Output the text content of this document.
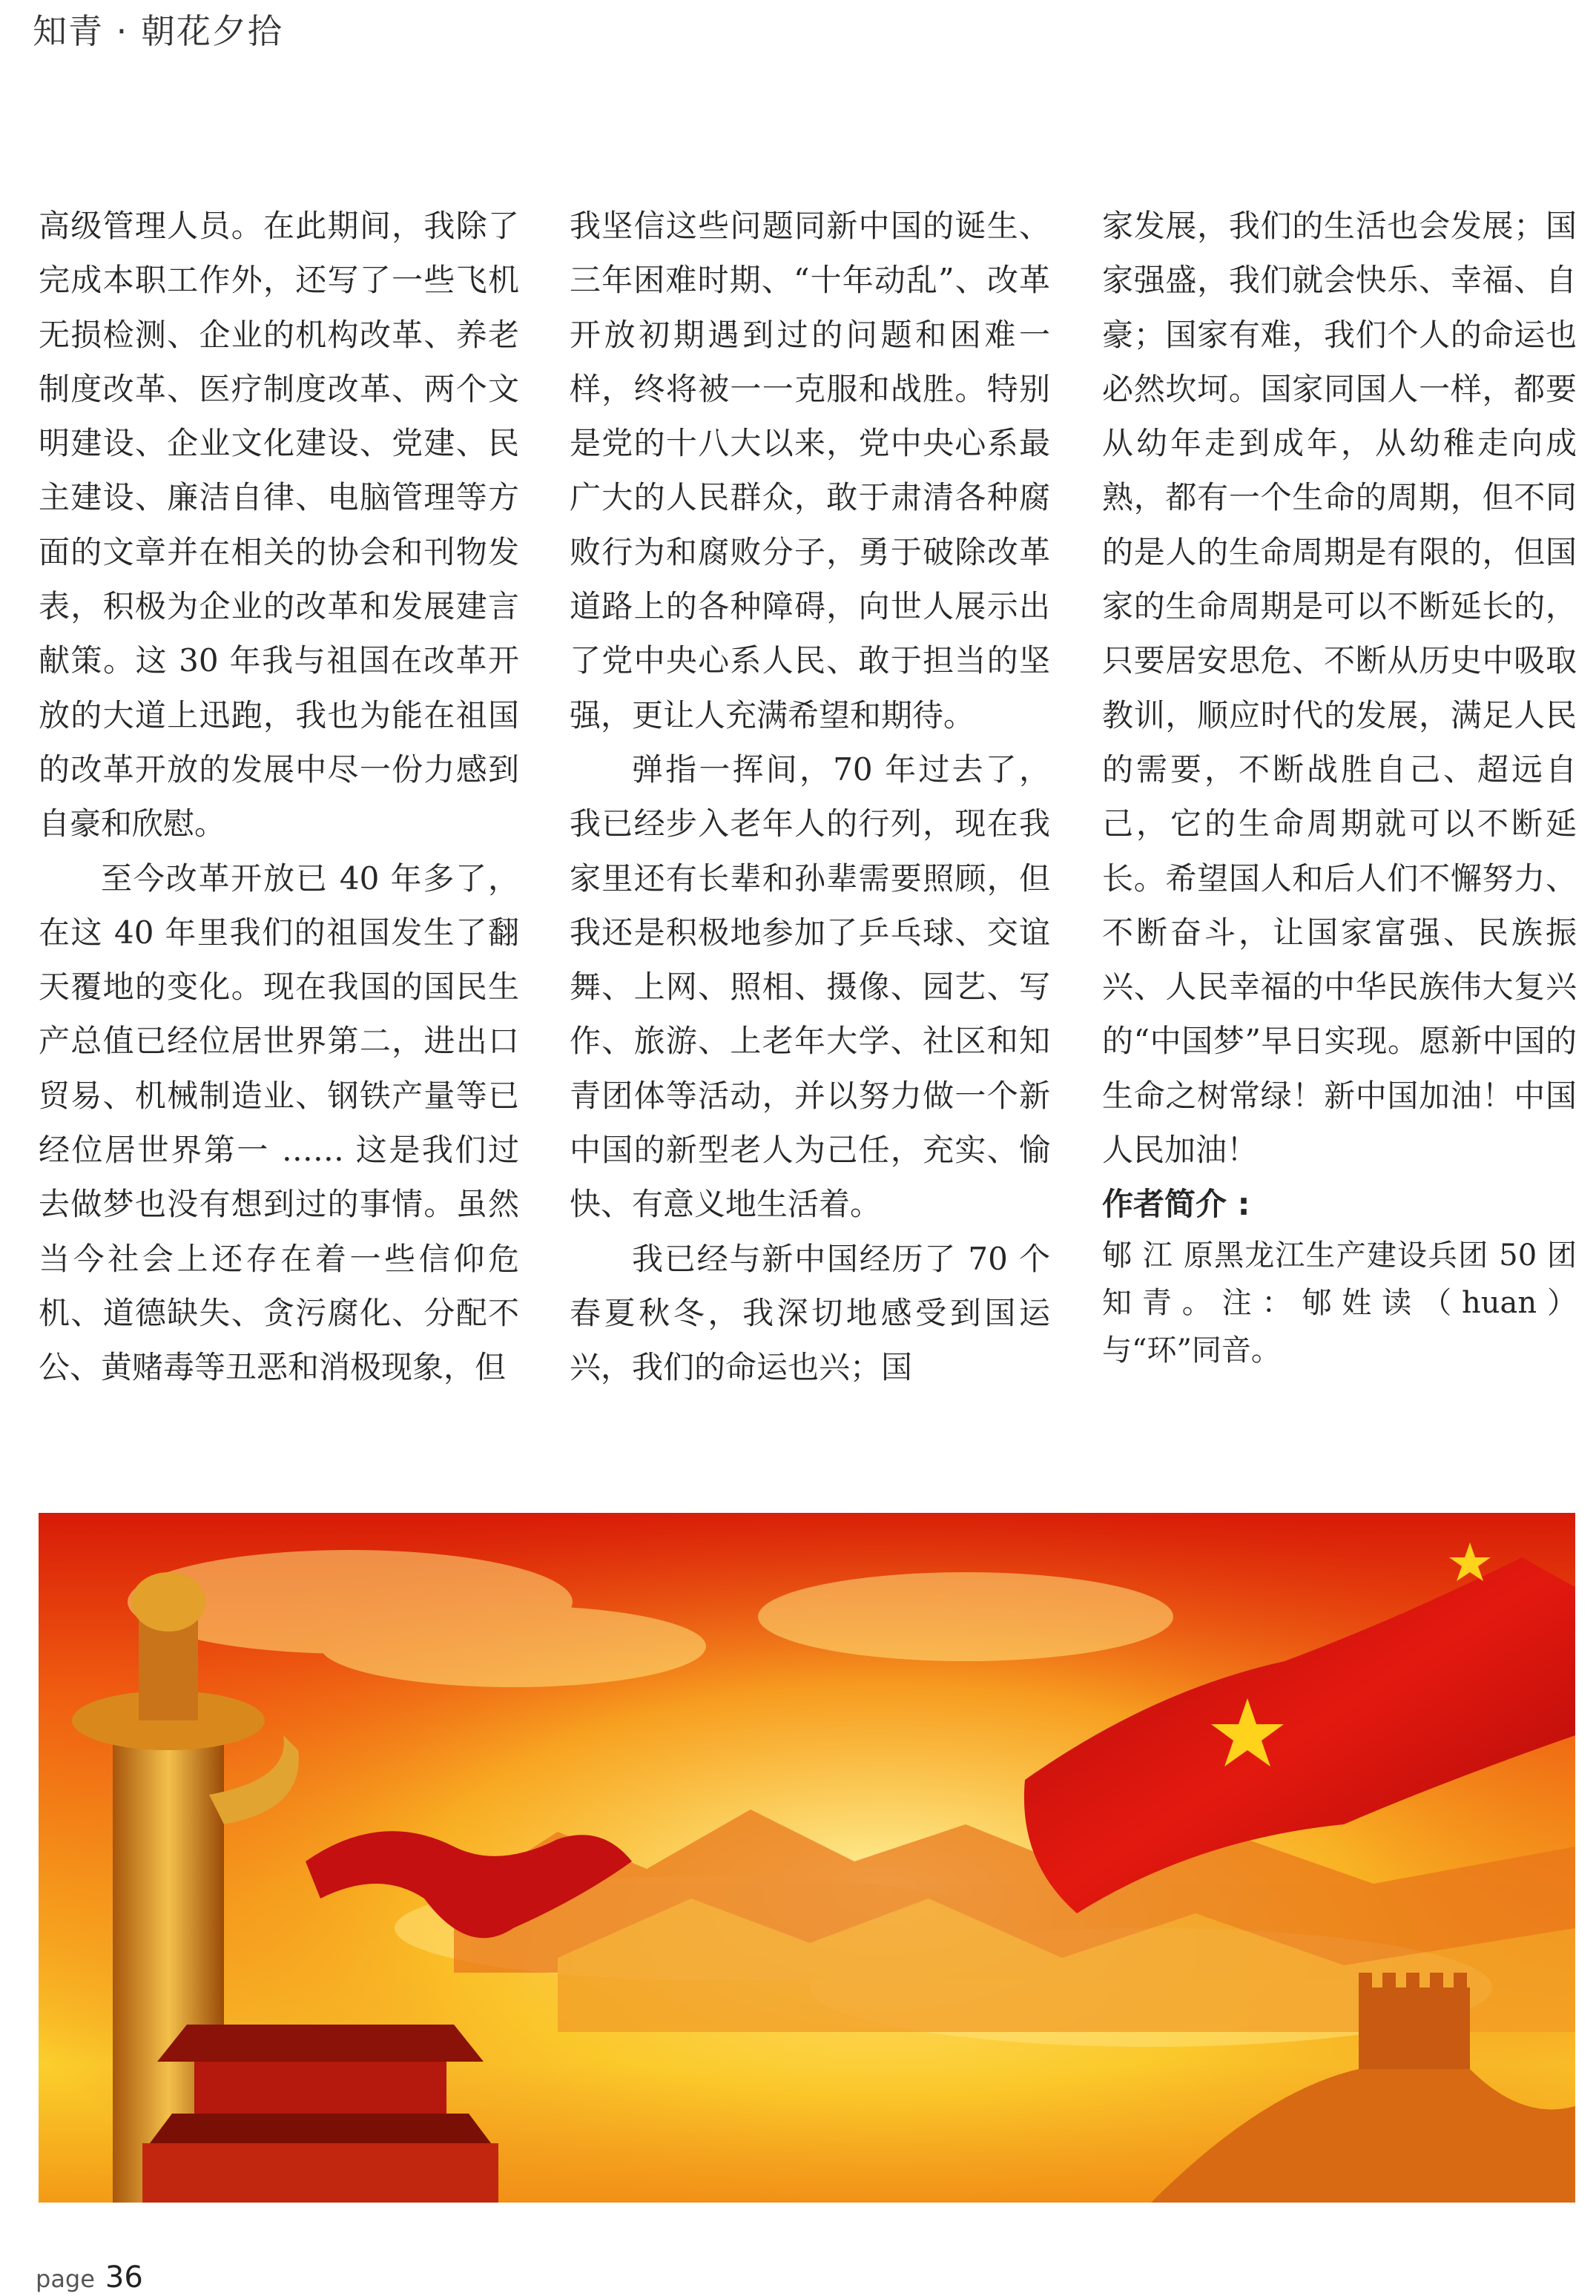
知青 · 朝花夕拾

高级管理人员。在此期间，我除了完成本职工作外，还写了一些飞机无损检测、企业的机构改革、养老制度改革、医疗制度改革、两个文明建设、企业文化建设、党建、民主建设、廉洁自律、电脑管理等方面的文章并在相关的协会和刊物发表，积极为企业的改革和发展建言献策。这 30 年我与祖国在改革开放的大道上迅跑，我也为能在祖国的改革开放的发展中尽一份力感到自豪和欣慰。

至今改革开放已 40 年多了，在这 40 年里我们的祖国发生了翻天覆地的变化。现在我国的国民生产总值已经位居世界第二，进出口贸易、机械制造业、钢铁产量等已经位居世界第一 …… 这是我们过去做梦也没有想到过的事情。虽然当今社会上还存在着一些信仰危机、道德缺失、贪污腐化、分配不公、黄赌毒等丑恶和消极现象，但

我坚信这些问题同新中国的诞生、三年困难时期、“十年动乱”、改革开放初期遇到过的问题和困难一样，终将被一一克服和战胜。特别是党的十八大以来，党中央心系最广大的人民群众，敢于肃清各种腐败行为和腐败分子，勇于破除改革道路上的各种障碍，向世人展示出了党中央心系人民、敢于担当的坚强，更让人充满希望和期待。

弹指一挥间，70 年过去了，我已经步入老年人的行列，现在我家里还有长辈和孙辈需要照顾，但我还是积极地参加了乒乓球、交谊舞、上网、照相、摄像、园艺、写作、旅游、上老年大学、社区和知青团体等活动，并以努力做一个新中国的新型老人为己任，充实、愉快、有意义地生活着。

我已经与新中国经历了 70 个春夏秋冬，我深切地感受到国运兴，我们的命运也兴；国

家发展，我们的生活也会发展；国家强盛，我们就会快乐、幸福、自豪；国家有难，我们个人的命运也必然坎坷。国家同国人一样，都要从幼年走到成年，从幼稚走向成熟，都有一个生命的周期，但不同的是人的生命周期是有限的，但国家的生命周期是可以不断延长的，只要居安思危、不断从历史中吸取教训，顺应时代的发展，满足人民的需要，不断战胜自己、超远自己，它的生命周期就可以不断延长。希望国人和后人们不懈努力、不断奋斗，让国家富强、民族振兴、人民幸福的中华民族伟大复兴的“中国梦”早日实现。愿新中国的生命之树常绿！新中国加油！中国人民加油！

作者简介 :
郇 江 原黑龙江生产建设兵团 50 团知青。注：郇姓读（huan）与“环”同音。
page 36
